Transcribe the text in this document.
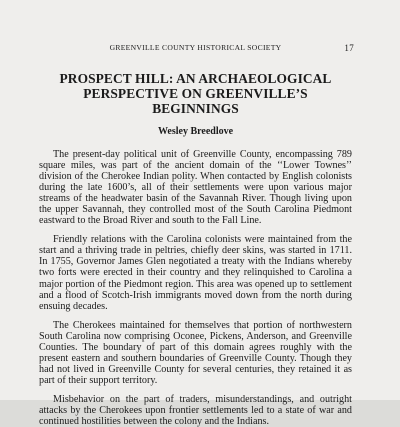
GREENVILLE COUNTY HISTORICAL SOCIETY	17
PROSPECT HILL: AN ARCHAEOLOGICAL
PERSPECTIVE ON GREENVILLE’S BEGINNINGS
Wesley Breedlove

The present-day political unit of Greenville County, encompassing 789 square miles, was part of the ancient domain of the ‘‘Lower Townes’’ division of the Cherokee Indian polity. When contacted by English colonists during the late 1600’s, all of their settlements were upon various major streams of the headwater basin of the Savannah River. Though living upon the upper Savannah, they controlled most of the South Carolina Piedmont eastward to the Broad River and south to the Fall Line.

Friendly relations with the Carolina colonists were maintained from the start and a thriving trade in peltries, chiefly deer skins, was started in 1711. In 1755, Governor James Glen negotiated a treaty with the Indians whereby two forts were erected in their country and they relinquished to Carolina a major portion of the Piedmont region. This area was opened up to settlement and a flood of Scotch-Irish immigrants moved down from the north during ensuing decades.

The Cherokees maintained for themselves that portion of northwestern South Carolina now comprising Oconee, Pickens, Anderson, and Greenville Counties. The boundary of part of this domain agrees roughly with the present eastern and southern boundaries of Greenville County. Though they had not lived in Greenville County for several centuries, they retained it as part of their support territory.

Misbehavior on the part of traders, misunderstandings, and outright attacks by the Cherokees upon frontier settlements led to a state of war and continued hostilities between the colony and the Indians.
